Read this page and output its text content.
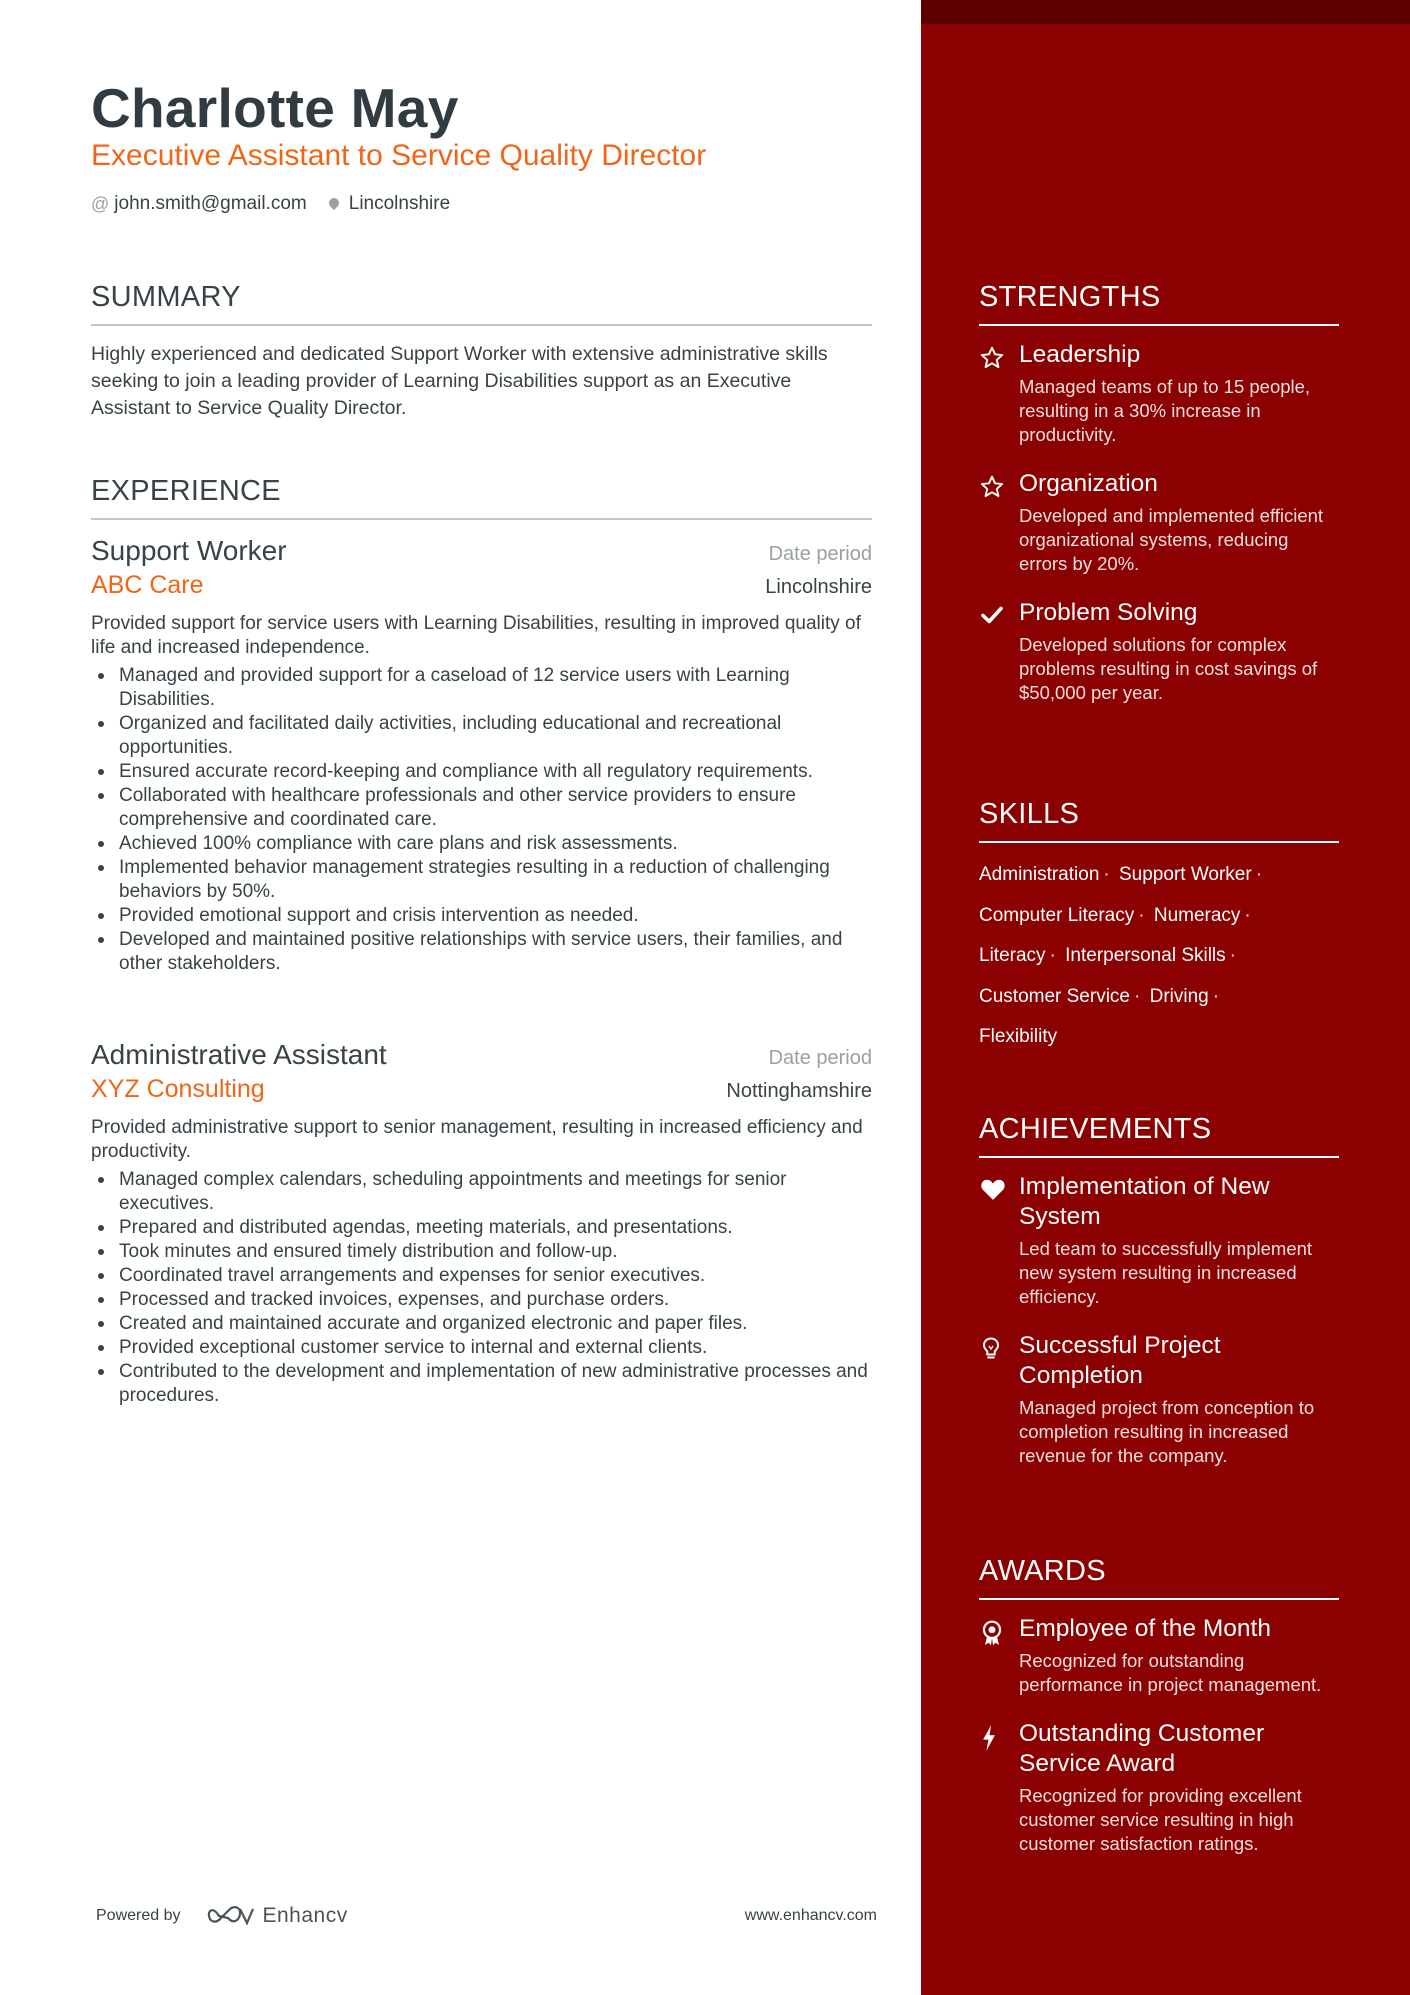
Charlotte May
Executive Assistant to Service Quality Director
@ john.smith@gmail.com Lincolnshire
SUMMARY
Highly experienced and dedicated Support Worker with extensive administrative skills seeking to join a leading provider of Learning Disabilities support as an Executive Assistant to Service Quality Director.
EXPERIENCE
Support Worker	Date period
ABC Care	Lincolnshire
Provided support for service users with Learning Disabilities, resulting in improved quality of life and increased independence.
Managed and provided support for a caseload of 12 service users with Learning Disabilities.
Organized and facilitated daily activities, including educational and recreational opportunities.
Ensured accurate record-keeping and compliance with all regulatory requirements.
Collaborated with healthcare professionals and other service providers to ensure comprehensive and coordinated care.
Achieved 100% compliance with care plans and risk assessments.
Implemented behavior management strategies resulting in a reduction of challenging behaviors by 50%.
Provided emotional support and crisis intervention as needed.
Developed and maintained positive relationships with service users, their families, and other stakeholders.
Administrative Assistant	Date period
XYZ Consulting	Nottinghamshire
Provided administrative support to senior management, resulting in increased efficiency and productivity.
Managed complex calendars, scheduling appointments and meetings for senior executives.
Prepared and distributed agendas, meeting materials, and presentations.
Took minutes and ensured timely distribution and follow-up.
Coordinated travel arrangements and expenses for senior executives.
Processed and tracked invoices, expenses, and purchase orders.
Created and maintained accurate and organized electronic and paper files.
Provided exceptional customer service to internal and external clients.
Contributed to the development and implementation of new administrative processes and procedures.
Powered by	Enhancv	www.enhancv.com
STRENGTHS
Leadership
Managed teams of up to 15 people, resulting in a 30% increase in productivity.
Organization
Developed and implemented efficient organizational systems, reducing errors by 20%.
Problem Solving
Developed solutions for complex problems resulting in cost savings of $50,000 per year.
SKILLS
Administration · Support Worker ·
Computer Literacy · Numeracy ·
Literacy · Interpersonal Skills ·
Customer Service · Driving ·
Flexibility
ACHIEVEMENTS
Implementation of New System
Led team to successfully implement new system resulting in increased efficiency.
Successful Project Completion
Managed project from conception to completion resulting in increased revenue for the company.
AWARDS
Employee of the Month
Recognized for outstanding performance in project management.
Outstanding Customer Service Award
Recognized for providing excellent customer service resulting in high customer satisfaction ratings.
